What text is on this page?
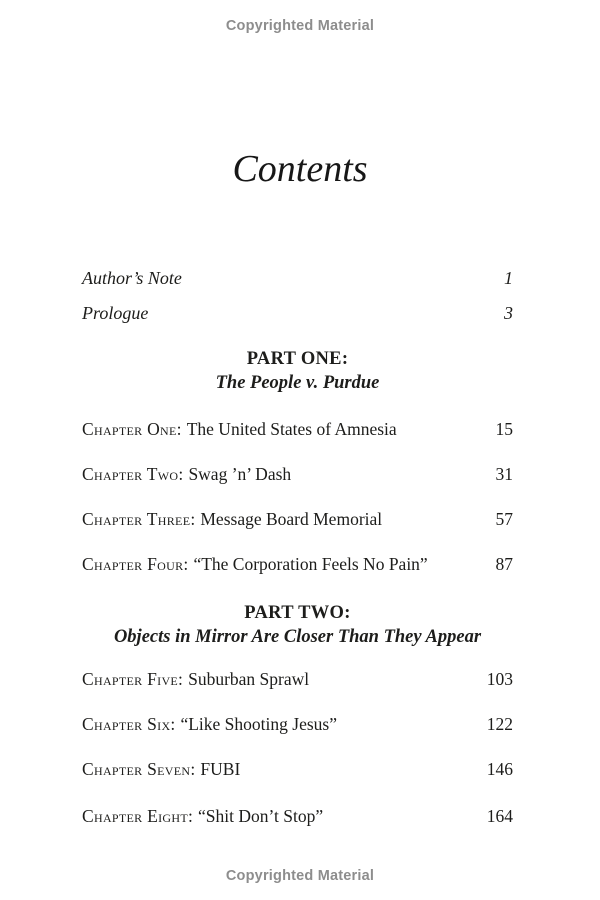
Copyrighted Material
Contents
Author’s Note	1
Prologue	3
PART ONE:
The People v. Purdue
Chapter One: The United States of Amnesia	15
Chapter Two: Swag ’n’ Dash	31
Chapter Three: Message Board Memorial	57
Chapter Four: “The Corporation Feels No Pain”	87
PART TWO:
Objects in Mirror Are Closer Than They Appear
Chapter Five: Suburban Sprawl	103
Chapter Six: “Like Shooting Jesus”	122
Chapter Seven: FUBI	146
Chapter Eight: “Shit Don’t Stop”	164
Copyrighted Material
